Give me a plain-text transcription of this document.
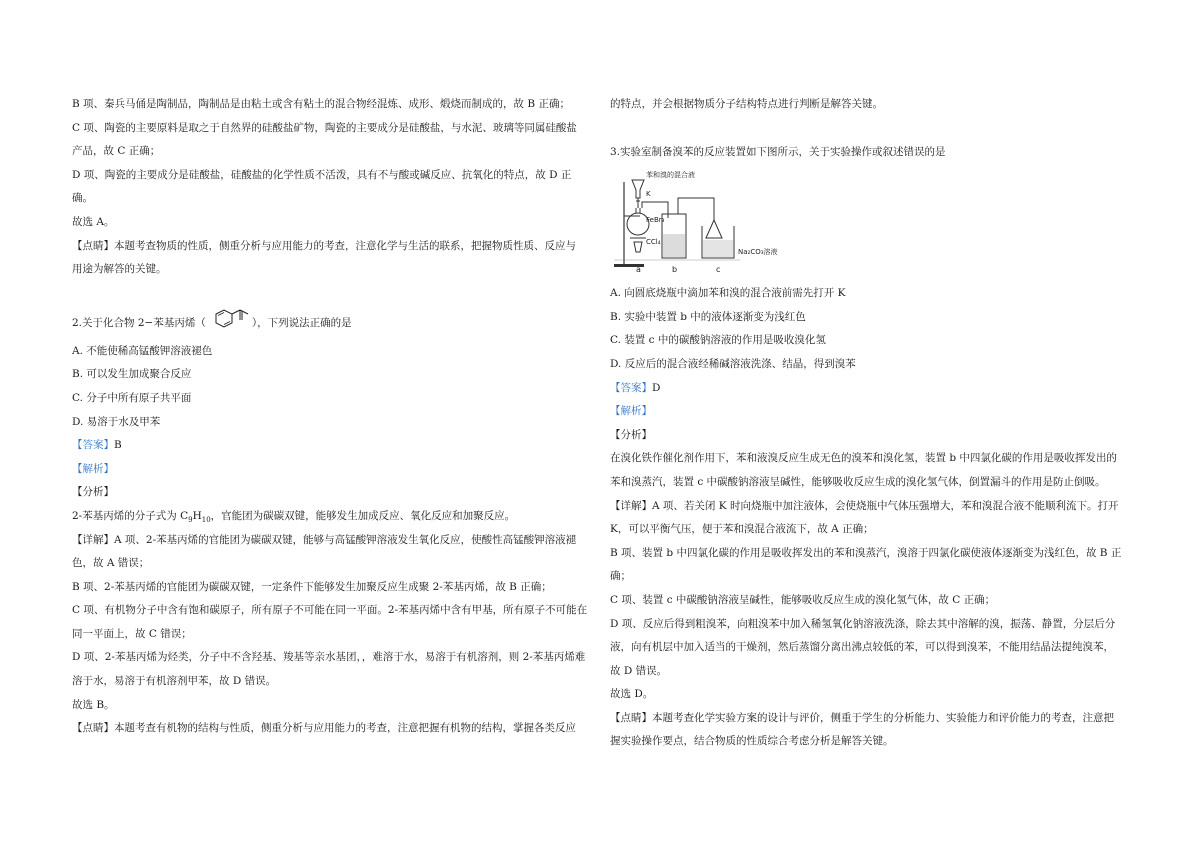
B 项、秦兵马俑是陶制品，陶制品是由粘土或含有粘土的混合物经混炼、成形、煅烧而制成的，故 B 正确；

C 项、陶瓷的主要原料是取之于自然界的硅酸盐矿物，陶瓷的主要成分是硅酸盐，与水泥、玻璃等同属硅酸盐

产品，故 C 正确；

D 项、陶瓷的主要成分是硅酸盐，硅酸盐的化学性质不活泼，具有不与酸或碱反应、抗氧化的特点，故 D 正

确。

故选 A。

【点睛】本题考查物质的性质，侧重分析与应用能力的考查，注意化学与生活的联系，把握物质性质、反应与

用途为解答的关键。

2.关于化合物 2−苯基丙烯（	），下列说法正确的是

A. 不能使稀高锰酸钾溶液褪色

B. 可以发生加成聚合反应

C. 分子中所有原子共平面

D. 易溶于水及甲苯

【答案】B

【解析】

【分析】

2-苯基丙烯的分子式为 $C_9H_{10}$，官能团为碳碳双键，能够发生加成反应、氧化反应和加聚反应。

【详解】A 项、2-苯基丙烯的官能团为碳碳双键，能够与高锰酸钾溶液发生氧化反应，使酸性高锰酸钾溶液褪

色，故 A 错误；

B 项、2-苯基丙烯的官能团为碳碳双键，一定条件下能够发生加聚反应生成聚 2-苯基丙烯，故 B 正确；

C 项、有机物分子中含有饱和碳原子，所有原子不可能在同一平面。2-苯基丙烯中含有甲基，所有原子不可能在

同一平面上，故 C 错误；

D 项、2-苯基丙烯为烃类，分子中不含羟基、羧基等亲水基团，，难溶于水，易溶于有机溶剂，则 2-苯基丙烯难

溶于水，易溶于有机溶剂甲苯，故 D 错误。

故选 B。

【点睛】本题考查有机物的结构与性质，侧重分析与应用能力的考查，注意把握有机物的结构，掌握各类反应

的特点，并会根据物质分子结构特点进行判断是解答关键。

3.实验室制备溴苯的反应装置如下图所示，关于实验操作或叙述错误的是

苯和溴的混合液
K
FeBr₃
CCl₄
Na₂CO₃溶液
a	b	c

A. 向圆底烧瓶中滴加苯和溴的混合液前需先打开 K

B. 实验中装置 b 中的液体逐渐变为浅红色

C. 装置 c 中的碳酸钠溶液的作用是吸收溴化氢

D. 反应后的混合液经稀碱溶液洗涤、结晶，得到溴苯

【答案】D

【解析】

【分析】

在溴化铁作催化剂作用下，苯和液溴反应生成无色的溴苯和溴化氢，装置 b 中四氯化碳的作用是吸收挥发出的

苯和溴蒸汽，装置 c 中碳酸钠溶液呈碱性，能够吸收反应生成的溴化氢气体，倒置漏斗的作用是防止倒吸。

【详解】A 项、若关闭 K 时向烧瓶中加注液体，会使烧瓶中气体压强增大，苯和溴混合液不能顺利流下。打开

K，可以平衡气压，便于苯和溴混合液流下，故 A 正确；

B 项、装置 b 中四氯化碳的作用是吸收挥发出的苯和溴蒸汽，溴溶于四氯化碳使液体逐渐变为浅红色，故 B 正

确；

C 项、装置 c 中碳酸钠溶液呈碱性，能够吸收反应生成的溴化氢气体，故 C 正确；

D 项、反应后得到粗溴苯，向粗溴苯中加入稀氢氧化钠溶液洗涤，除去其中溶解的溴，振荡、静置，分层后分

液，向有机层中加入适当的干燥剂，然后蒸馏分离出沸点较低的苯，可以得到溴苯，不能用结晶法提纯溴苯，

故 D 错误。

故选 D。

【点睛】本题考查化学实验方案的设计与评价，侧重于学生的分析能力、实验能力和评价能力的考查，注意把

握实验操作要点，结合物质的性质综合考虑分析是解答关键。
